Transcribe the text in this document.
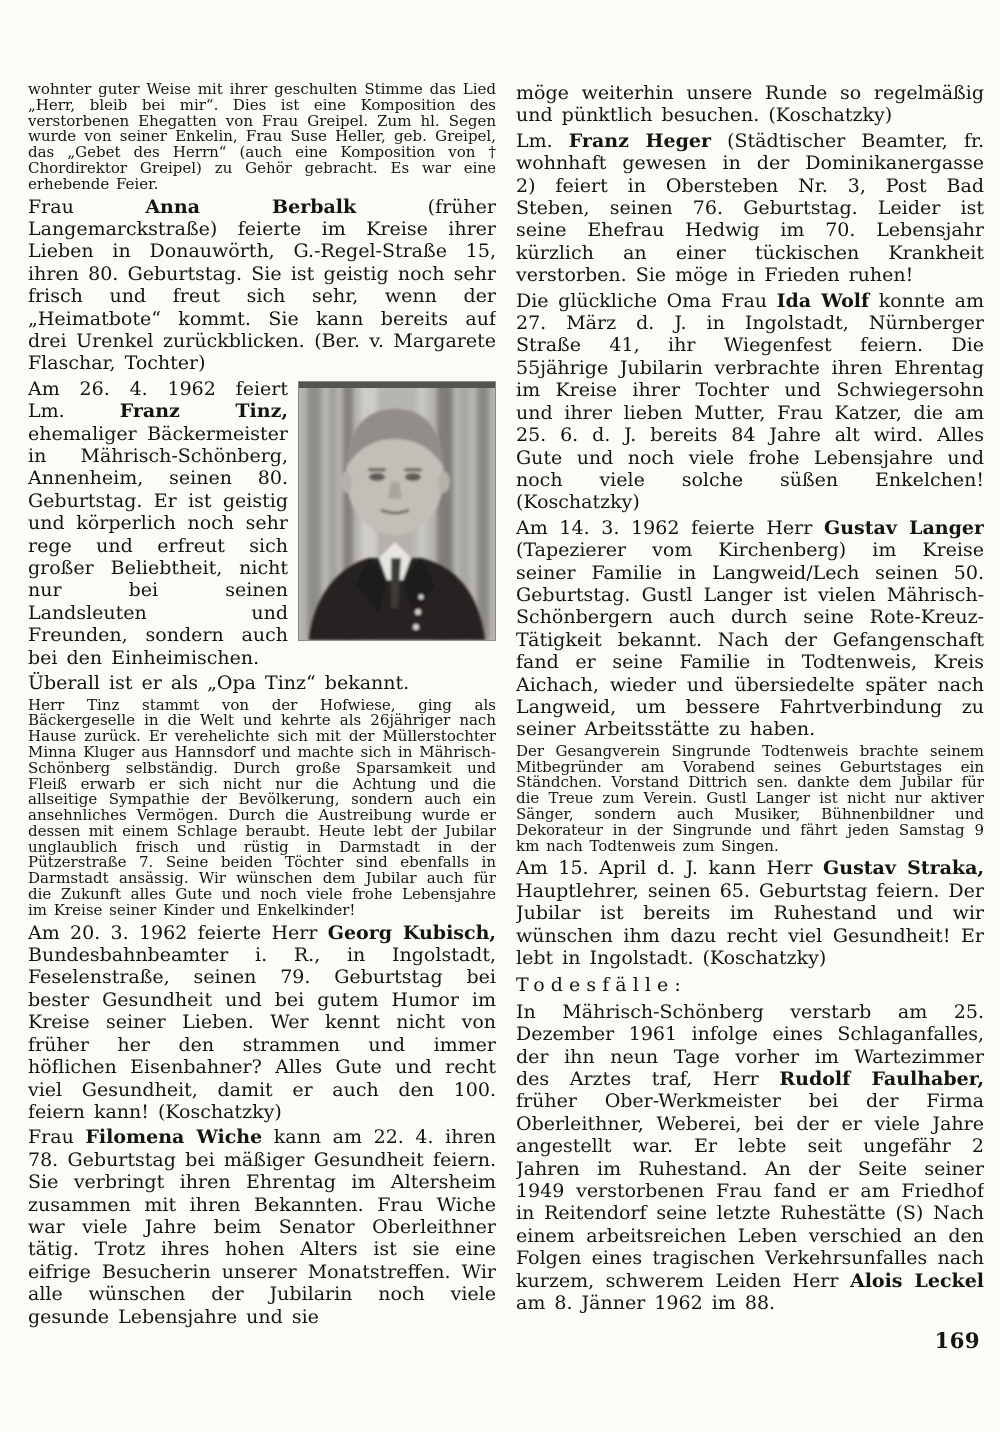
wohnter guter Weise mit ihrer geschulten Stimme das Lied „Herr, bleib bei mir“. Dies ist eine Komposition des verstorbenen Ehegatten von Frau Greipel. Zum hl. Segen wurde von seiner Enkelin, Frau Suse Heller, geb. Greipel, das „Gebet des Herrn“ (auch eine Komposition von † Chordirektor Greipel) zu Gehör gebracht. Es war eine erhebende Feier.

Frau Anna Berbalk (früher Langemarckstraße) feierte im Kreise ihrer Lieben in Donauwörth, G.-Regel-Straße 15, ihren 80. Geburtstag. Sie ist geistig noch sehr frisch und freut sich sehr, wenn der „Heimatbote“ kommt. Sie kann bereits auf drei Urenkel zurückblicken. (Ber. v. Margarete Flaschar, Tochter)

Am 26. 4. 1962 feiert Lm. Franz Tinz, ehemaliger Bäckermeister in Mährisch-Schönberg, Annenheim, seinen 80. Geburtstag. Er ist geistig und körperlich noch sehr rege und erfreut sich großer Beliebtheit, nicht nur bei seinen Landsleuten und Freunden, sondern auch bei den Einheimischen.

Überall ist er als „Opa Tinz“ bekannt.

Herr Tinz stammt von der Hofwiese, ging als Bäckergeselle in die Welt und kehrte als 26jähriger nach Hause zurück. Er verehelichte sich mit der Müllerstochter Minna Kluger aus Hannsdorf und machte sich in Mährisch-Schönberg selbständig. Durch große Sparsamkeit und Fleiß erwarb er sich nicht nur die Achtung und die allseitige Sympathie der Bevölkerung, sondern auch ein ansehnliches Vermögen. Durch die Austreibung wurde er dessen mit einem Schlage beraubt. Heute lebt der Jubilar unglaublich frisch und rüstig in Darmstadt in der Pützerstraße 7. Seine beiden Töchter sind ebenfalls in Darmstadt ansässig. Wir wünschen dem Jubilar auch für die Zukunft alles Gute und noch viele frohe Lebensjahre im Kreise seiner Kinder und Enkelkinder!

Am 20. 3. 1962 feierte Herr Georg Kubisch, Bundesbahnbeamter i. R., in Ingolstadt, Feselenstraße, seinen 79. Geburtstag bei bester Gesundheit und bei gutem Humor im Kreise seiner Lieben. Wer kennt nicht von früher her den strammen und immer höflichen Eisenbahner? Alles Gute und recht viel Gesundheit, damit er auch den 100. feiern kann! (Koschatzky)

Frau Filomena Wiche kann am 22. 4. ihren 78. Geburtstag bei mäßiger Gesundheit feiern. Sie verbringt ihren Ehrentag im Altersheim zusammen mit ihren Bekannten. Frau Wiche war viele Jahre beim Senator Oberleithner tätig. Trotz ihres hohen Alters ist sie eine eifrige Besucherin unserer Monatstreffen. Wir alle wünschen der Jubilarin noch viele gesunde Lebensjahre und sie

möge weiterhin unsere Runde so regelmäßig und pünktlich besuchen. (Koschatzky)

Lm. Franz Heger (Städtischer Beamter, fr. wohnhaft gewesen in der Dominikanergasse 2) feiert in Obersteben Nr. 3, Post Bad Steben, seinen 76. Geburtstag. Leider ist seine Ehefrau Hedwig im 70. Lebensjahr kürzlich an einer tückischen Krankheit verstorben. Sie möge in Frieden ruhen!

Die glückliche Oma Frau Ida Wolf konnte am 27. März d. J. in Ingolstadt, Nürnberger Straße 41, ihr Wiegenfest feiern. Die 55jährige Jubilarin verbrachte ihren Ehrentag im Kreise ihrer Tochter und Schwiegersohn und ihrer lieben Mutter, Frau Katzer, die am 25. 6. d. J. bereits 84 Jahre alt wird. Alles Gute und noch viele frohe Lebensjahre und noch viele solche süßen Enkelchen! (Koschatzky)

Am 14. 3. 1962 feierte Herr Gustav Langer (Tapezierer vom Kirchenberg) im Kreise seiner Familie in Langweid/Lech seinen 50. Geburtstag. Gustl Langer ist vielen Mährisch-Schönbergern auch durch seine Rote-Kreuz-Tätigkeit bekannt. Nach der Gefangenschaft fand er seine Familie in Todtenweis, Kreis Aichach, wieder und übersiedelte später nach Langweid, um bessere Fahrtverbindung zu seiner Arbeitsstätte zu haben.

Der Gesangverein Singrunde Todtenweis brachte seinem Mitbegründer am Vorabend seines Geburtstages ein Ständchen. Vorstand Dittrich sen. dankte dem Jubilar für die Treue zum Verein. Gustl Langer ist nicht nur aktiver Sänger, sondern auch Musiker, Bühnenbildner und Dekorateur in der Singrunde und fährt jeden Samstag 9 km nach Todtenweis zum Singen.

Am 15. April d. J. kann Herr Gustav Straka, Hauptlehrer, seinen 65. Geburtstag feiern. Der Jubilar ist bereits im Ruhestand und wir wünschen ihm dazu recht viel Gesundheit! Er lebt in Ingolstadt. (Koschatzky)

Todesfälle:

In Mährisch-Schönberg verstarb am 25. Dezember 1961 infolge eines Schlaganfalles, der ihn neun Tage vorher im Wartezimmer des Arztes traf, Herr Rudolf Faulhaber, früher Ober-Werkmeister bei der Firma Oberleithner, Weberei, bei der er viele Jahre angestellt war. Er lebte seit ungefähr 2 Jahren im Ruhestand. An der Seite seiner 1949 verstorbenen Frau fand er am Friedhof in Reitendorf seine letzte Ruhestätte (S) Nach einem arbeitsreichen Leben verschied an den Folgen eines tragischen Verkehrsunfalles nach kurzem, schwerem Leiden Herr Alois Leckel am 8. Jänner 1962 im 88.

169
